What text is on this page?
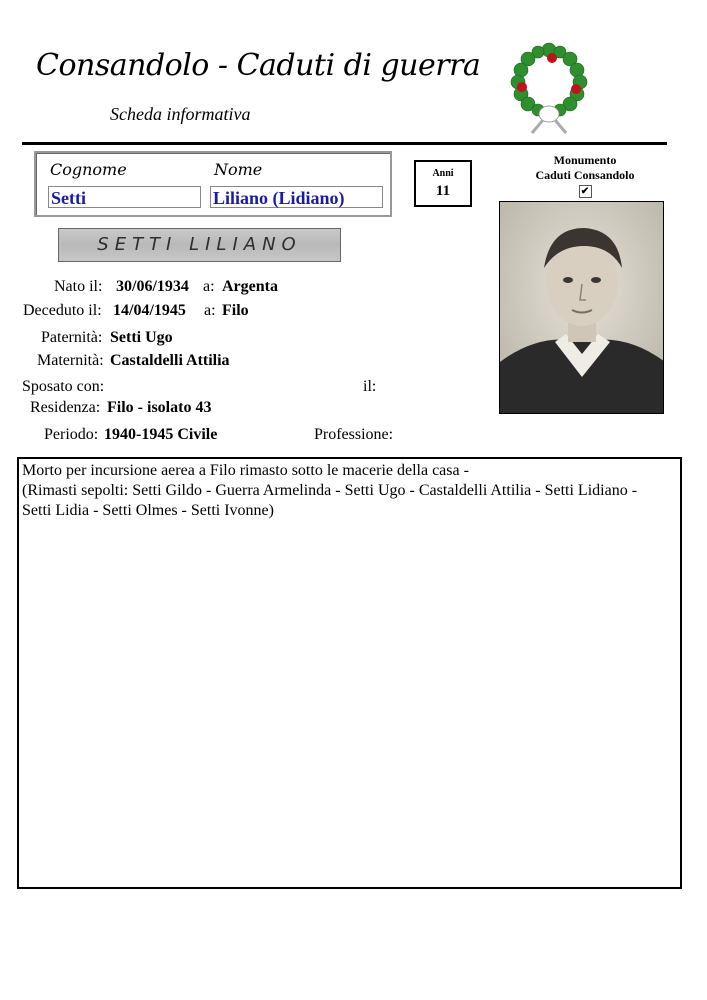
Consandolo - Caduti di guerra
Scheda informativa
Cognome	Nome
Setti	Liliano (Lidiano)
Anni
11
Monumento
Caduti Consandolo
✔
SETTI LILIANO
Nato il: 30/06/1934 a: Argenta
Deceduto il: 14/04/1945 a: Filo
Paternità: Setti Ugo
Maternità: Castaldelli Attilia
Sposato con:	il:
Residenza: Filo - isolato 43
Periodo: 1940-1945 Civile	Professione:
Morto per incursione aerea a Filo rimasto sotto le macerie della casa -
(Rimasti sepolti: Setti Gildo - Guerra Armelinda - Setti Ugo - Castaldelli Attilia - Setti Lidiano -
Setti Lidia - Setti Olmes - Setti Ivonne)
